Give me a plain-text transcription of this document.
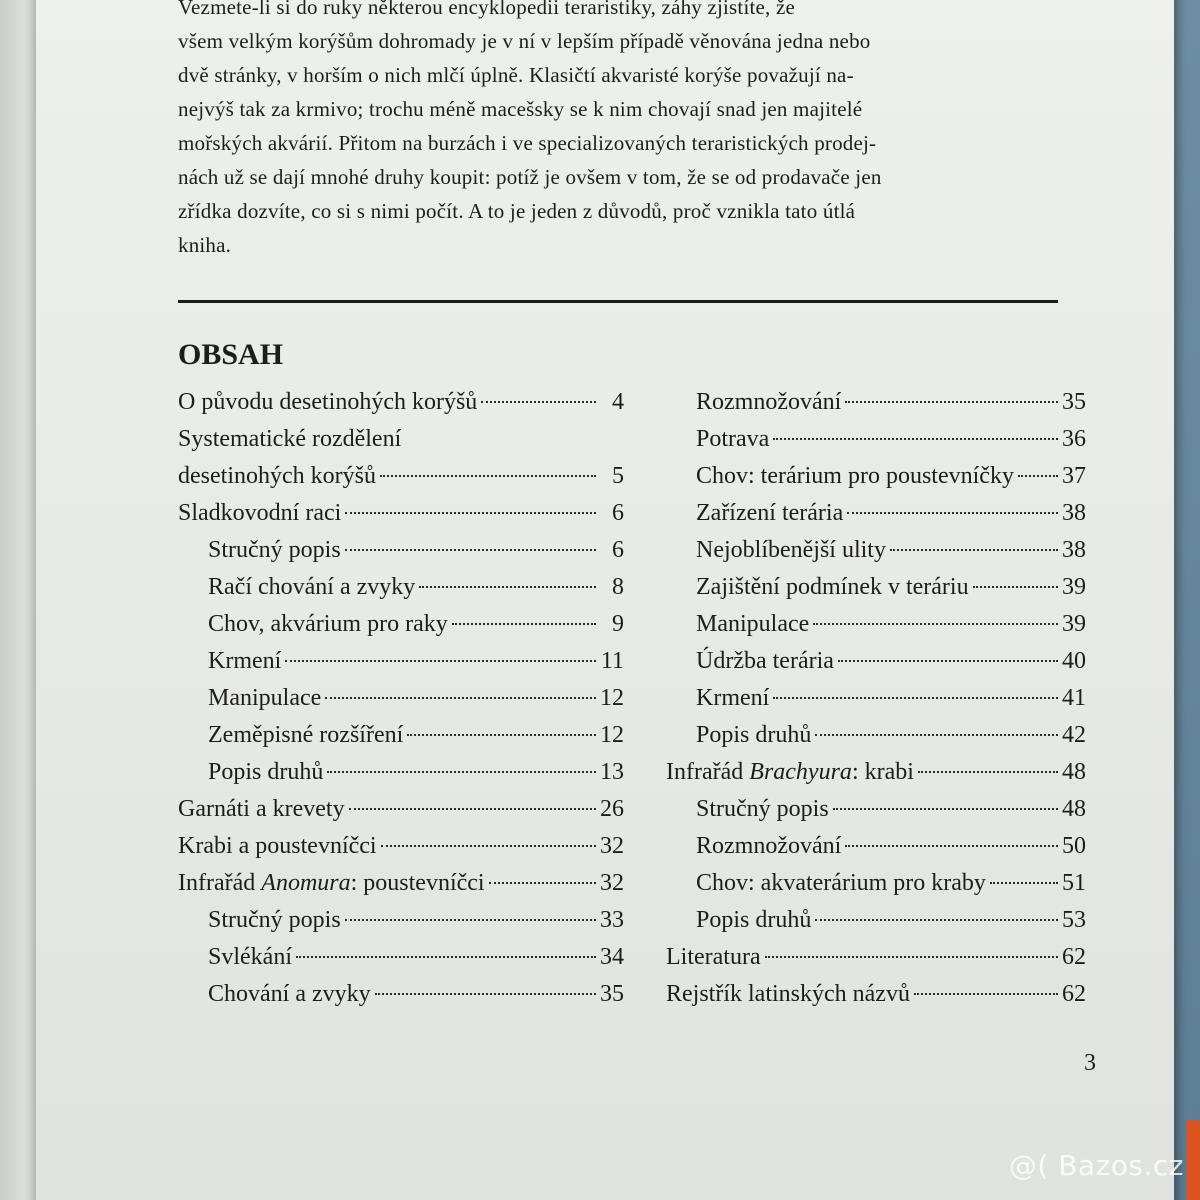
Vezmete-li si do ruky některou encyklopedii teraristiky, záhy zjistíte, že

všem velkým korýšům dohromady je v ní v lepším případě věnována jedna nebo

dvě stránky, v horším o nich mlčí úplně. Klasičtí akvaristé korýše považují na-

nejvýš tak za krmivo; trochu méně macešsky se k nim chovají snad jen majitelé

mořských akvárií. Přitom na burzách i ve specializovaných teraristických prodej-

nách už se dají mnohé druhy koupit: potíž je ovšem v tom, že se od prodavače jen

zřídka dozvíte, co si s nimi počít. A to je jeden z důvodů, proč vznikla tato útlá

kniha.

OBSAH
O původu desetinohých korýšů	4
Systematické rozdělení
desetinohých korýšů	5
Sladkovodní raci	6
Stručný popis	6
Račí chování a zvyky	8
Chov, akvárium pro raky	9
Krmení	11
Manipulace	12
Zeměpisné rozšíření	12
Popis druhů	13
Garnáti a krevety	26
Krabi a poustevníčci	32
Infrařád Anomura: poustevníčci	32
Stručný popis	33
Svlékání	34
Chování a zvyky	35
Rozmnožování	35
Potrava	36
Chov: terárium pro poustevníčky 37
Zařízení terária	38
Nejoblíbenější ulity	38
Zajištění podmínek v teráriu	39
Manipulace	39
Údržba terária	40
Krmení	41
Popis druhů	42
Infrařád Brachyura: krabi	48
Stručný popis	48
Rozmnožování	50
Chov: akvaterárium pro kraby	51
Popis druhů	53
Literatura	62
Rejstřík latinských názvů	62
3
@( Bazos.cz
